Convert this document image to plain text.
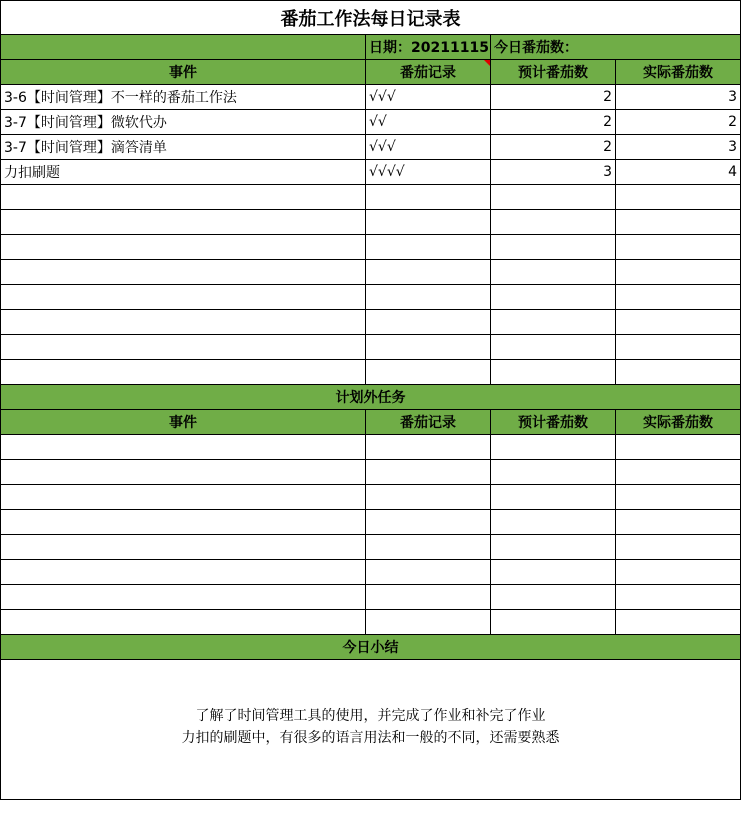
番茄工作法每日记录表			
	日期：20211115	今日番茄数：	
事件	番茄记录	预计番茄数	实际番茄数
3-6【时间管理】不一样的番茄工作法	√√√	2	3
3-7【时间管理】微软代办	√√	2	2
3-7【时间管理】滴答清单	√√√	2	3
力扣刷题	√√√√	3	4

计划外任务			
事件	番茄记录	预计番茄数	实际番茄数

今日小结			

了解了时间管理工具的使用，并完成了作业和补完了作业
力扣的刷题中，有很多的语言用法和一般的不同，还需要熟悉			
